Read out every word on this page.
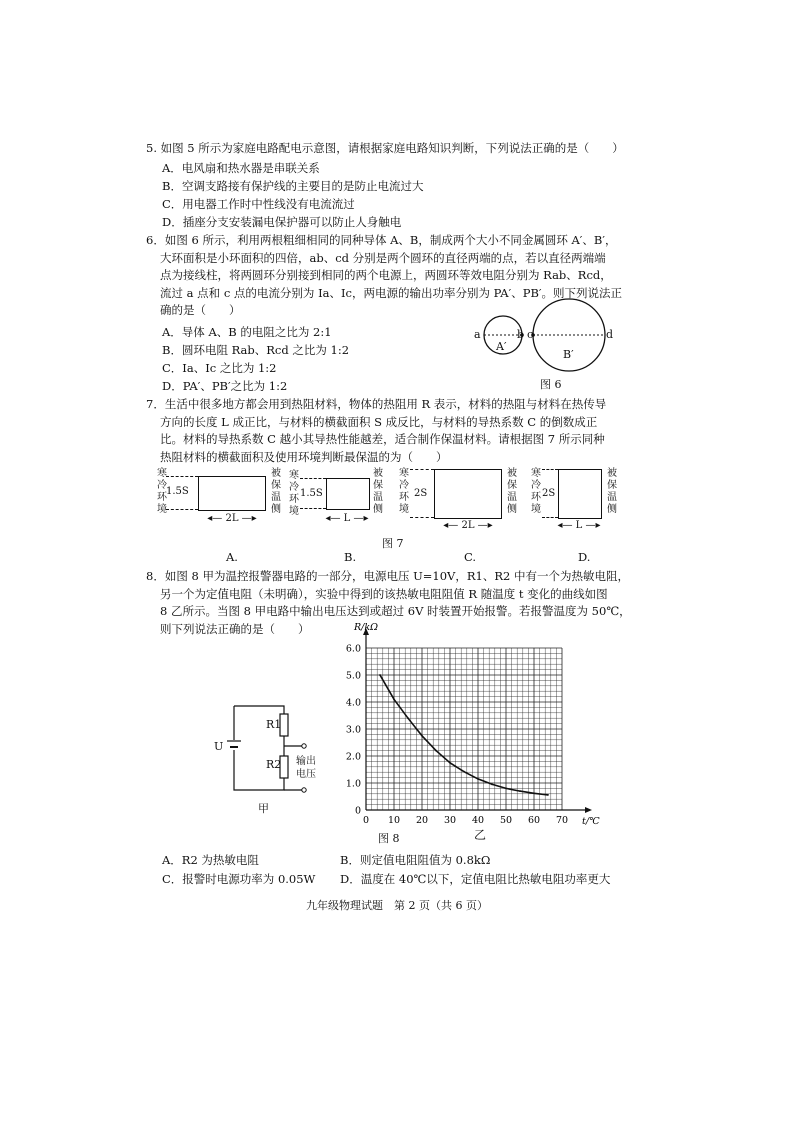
5. 如图 5 所示为家庭电路配电示意图，请根据家庭电路知识判断，下列说法正确的是（　　）
A．电风扇和热水器是串联关系
B．空调支路接有保护线的主要目的是防止电流过大
C．用电器工作时中性线没有电流流过
D．插座分支安装漏电保护器可以防止人身触电
6．如图 6 所示，利用两根粗细相同的同种导体 A、B，制成两个大小不同金属圆环 A′、B′，
大环面积是小环面积的四倍，ab、cd 分别是两个圆环的直径两端的点，若以直径两端端
点为接线柱，将两圆环分别接到相同的两个电源上，两圆环等效电阻分别为 Rab、Rcd，
流过 a 点和 c 点的电流分别为 Ia、Ic，两电源的输出功率分别为 PA′、PB′。则下列说法正
确的是（　　）
A．导体 A、B 的电阻之比为 2:1
B．圆环电阻 Rab、Rcd 之比为 1:2
C．Ia、Ic 之比为 1:2
D．PA′、PB′之比为 1:2
a	b c	d
A′
B′
图 6
7．生活中很多地方都会用到热阻材料，物体的热阻用 R 表示，材料的热阻与材料在热传导
方向的长度 L 成正比，与材料的横截面积 S 成反比，与材料的导热系数 C 的倒数成正
比。材料的导热系数 C 越小其导热性能越差，适合制作保温材料。请根据图 7 所示同种
热阻材料的横截面积及使用环境判断最保温的为（　　）
寒冷环境
1.5S
◂— 2L —▸
被保温侧
A.
寒冷环境
1.5S
◂— L —▸
被保温侧
B.
寒冷环境
2S
◂— 2L —▸
被保温侧
C.
寒冷环境
2S
◂— L —▸
被保温侧
D.
图 7
8．如图 8 甲为温控报警器电路的一部分，电源电压 U=10V，R1、R2 中有一个为热敏电阻，
另一个为定值电阻（未明确），实验中得到的该热敏电阻阻值 R 随温度 t 变化的曲线如图
8 乙所示。当图 8 甲电路中输出电压达到或超过 6V 时装置开始报警。若报警温度为 50℃，
则下列说法正确的是（　　）
U
R1
R2 输出电压
甲
0 10 20 30 40 50 60 70
0
1.0
2.0
3.0
4.0
5.0
6.0
R/kΩ
t/℃
图 8	乙
A．R2 为热敏电阻	B．则定值电阻阻值为 0.8kΩ
C．报警时电源功率为 0.05W D．温度在 40℃以下，定值电阻比热敏电阻功率更大
九年级物理试题　第 2 页（共 6 页）
